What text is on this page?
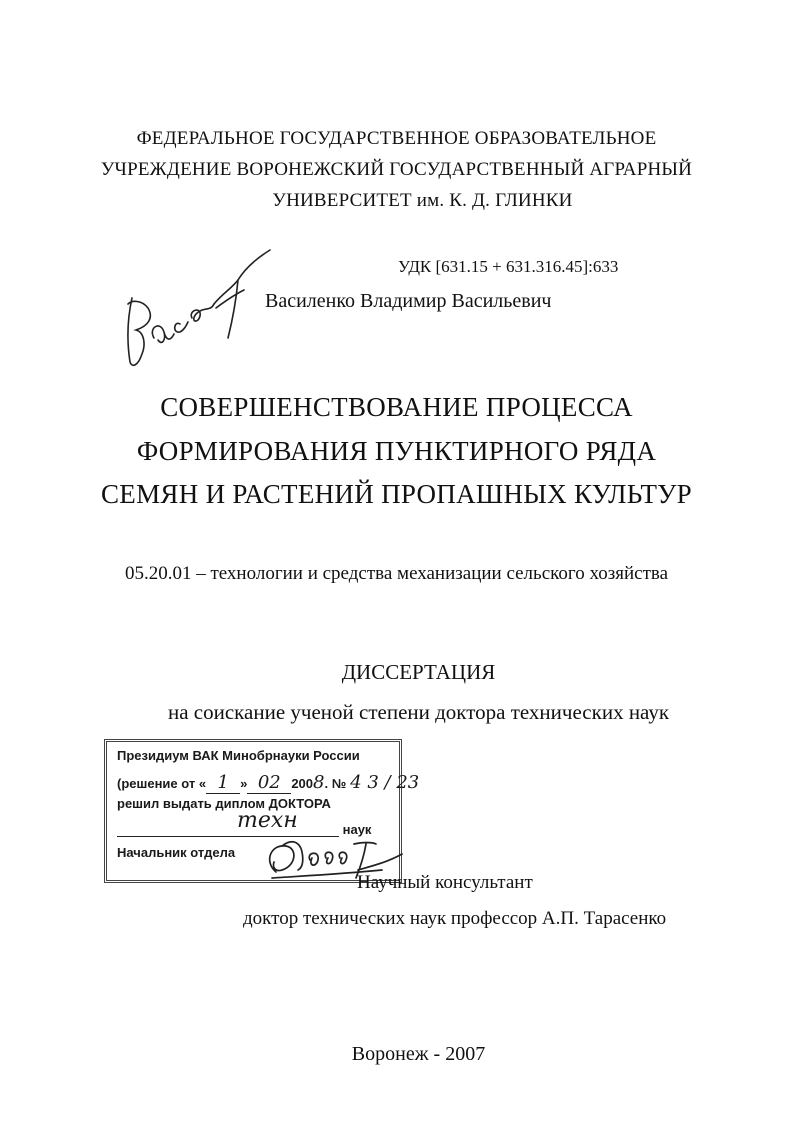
ФЕДЕРАЛЬНОЕ ГОСУДАРСТВЕННОЕ ОБРАЗОВАТЕЛЬНОЕ
УЧРЕЖДЕНИЕ ВОРОНЕЖСКИЙ ГОСУДАРСТВЕННЫЙ АГРАРНЫЙ
УНИВЕРСИТЕТ им. К. Д. ГЛИНКИ
УДК [631.15 + 631.316.45]:633
Василенко Владимир Васильевич
СОВЕРШЕНСТВОВАНИЕ ПРОЦЕССА
ФОРМИРОВАНИЯ ПУНКТИРНОГО РЯДА
СЕМЯН И РАСТЕНИЙ ПРОПАШНЫХ КУЛЬТУР
05.20.01 – технологии и средства механизации сельского хозяйства
ДИССЕРТАЦИЯ
на соискание ученой степени доктора технических наук
Президиум ВАК Минобрнауки России
(решение от « 1 » 02 2008. № 4 3 / 23
решил выдать диплом ДОКТОРА
техн	наук
Начальник отдела
Научный консультант
доктор технических наук профессор А.П. Тарасенко
Воронеж - 2007
